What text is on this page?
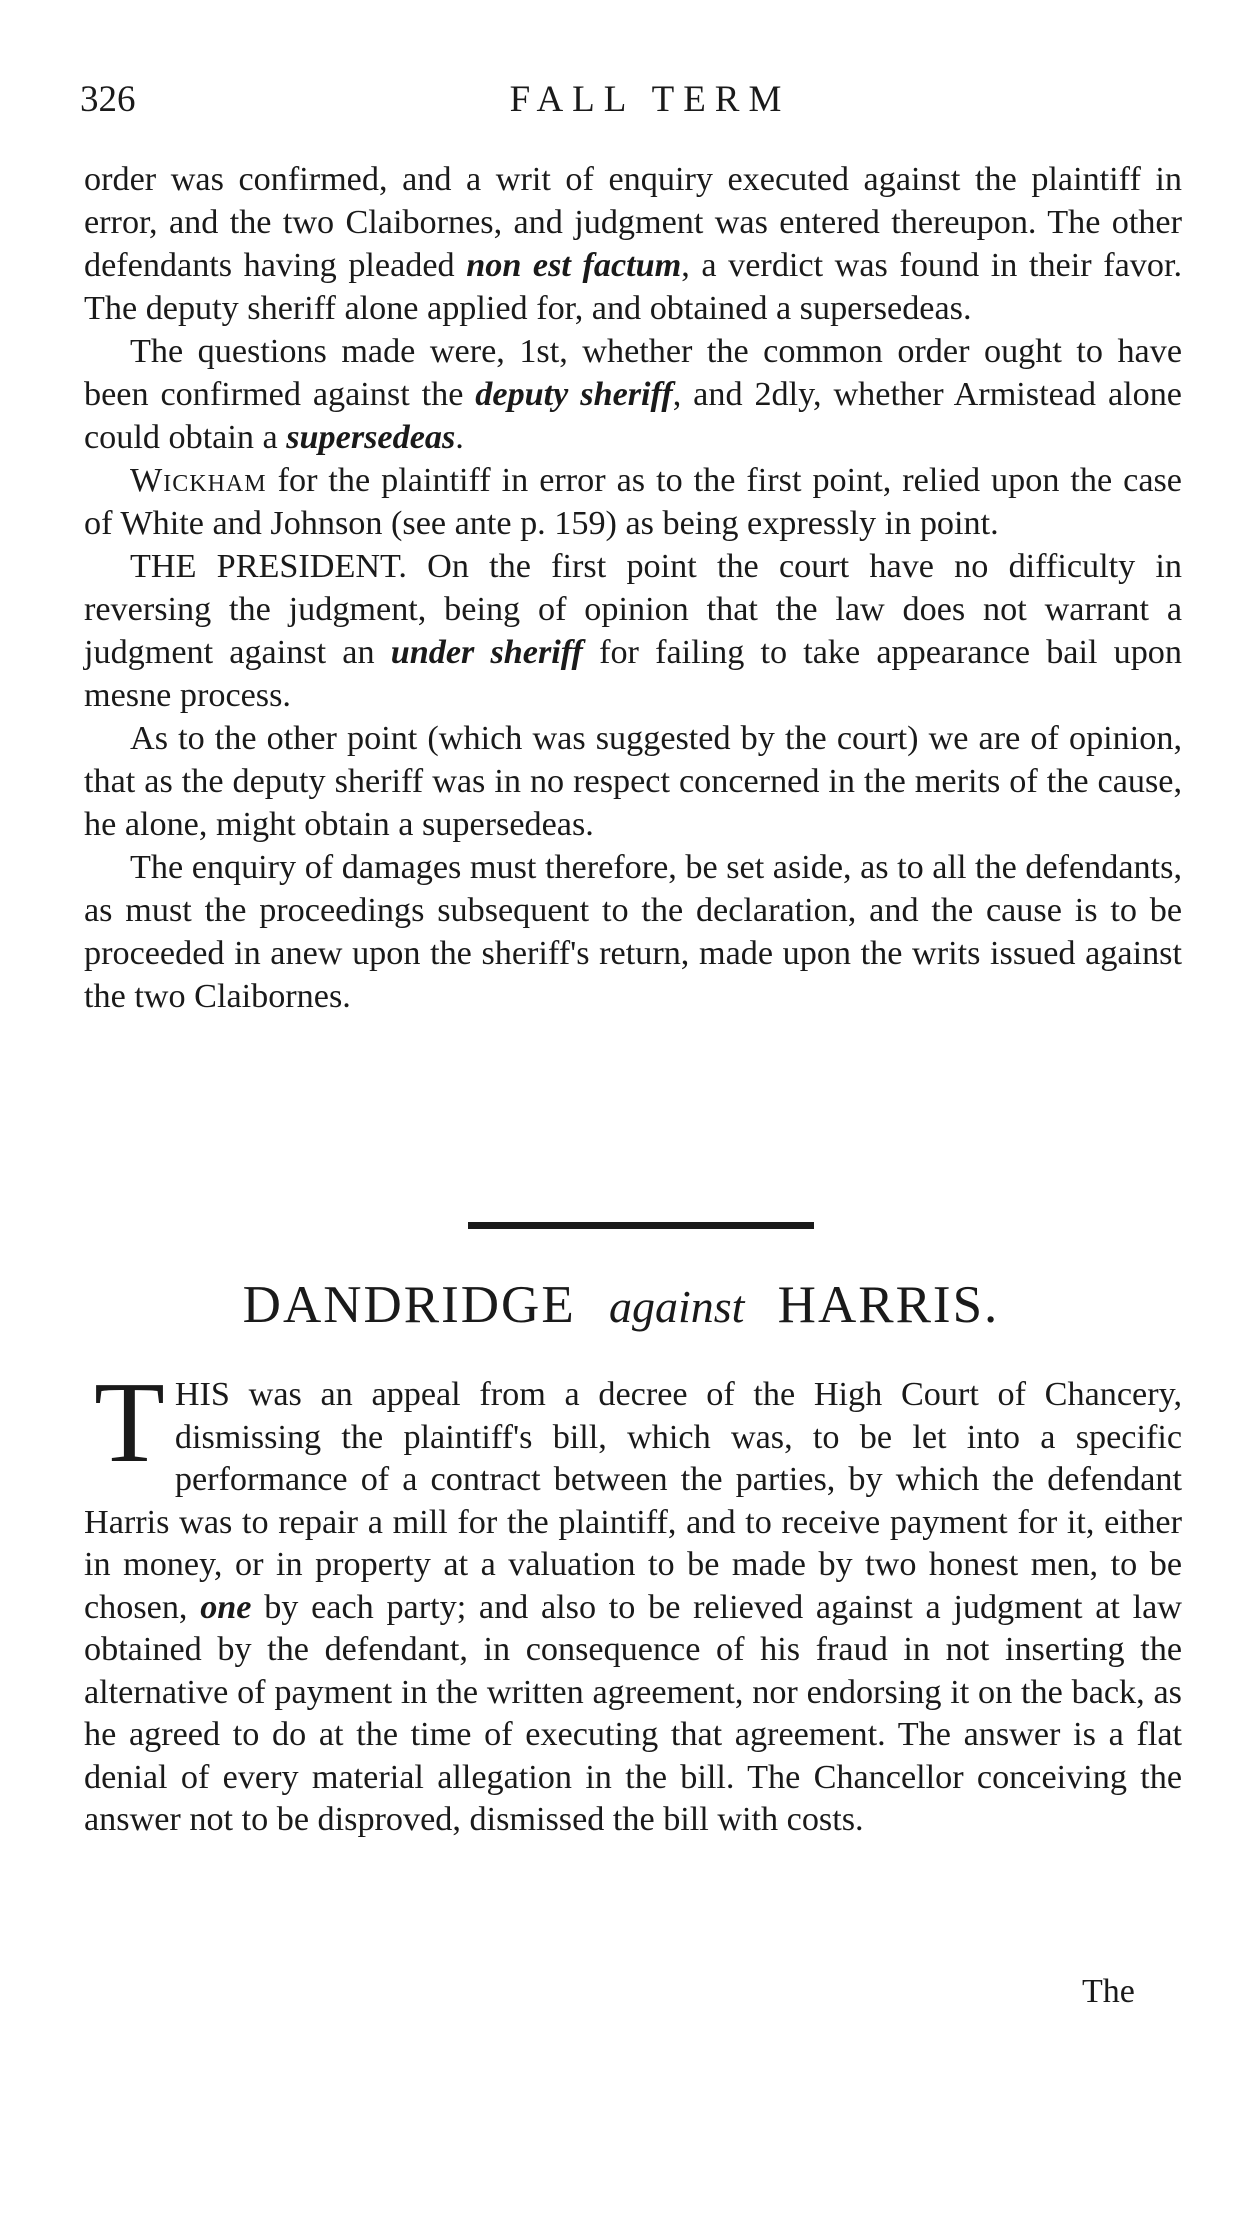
326	FALL TERM

order was confirmed, and a writ of enquiry executed against the plaintiff in error, and the two Claibornes, and judgment was entered thereupon. The other defendants having pleaded non est factum, a verdict was found in their favor. The deputy sheriff alone applied for, and obtained a supersedeas.

The questions made were, 1st, whether the common order ought to have been confirmed against the deputy sheriff, and 2dly, whether Armistead alone could obtain a supersedeas.

Wickham for the plaintiff in error as to the first point, relied upon the case of White and Johnson (see ante p. 159) as being expressly in point.

THE PRESIDENT. On the first point the court have no difficulty in reversing the judgment, being of opinion that the law does not warrant a judgment against an under sheriff for failing to take appearance bail upon mesne process.

As to the other point (which was suggested by the court) we are of opinion, that as the deputy sheriff was in no respect concerned in the merits of the cause, he alone, might obtain a supersedeas.

The enquiry of damages must therefore, be set aside, as to all the defendants, as must the proceedings subsequent to the declaration, and the cause is to be proceeded in anew upon the sheriff's return, made upon the writs issued against the two Claibornes.

DANDRIDGE against HARRIS.

THIS was an appeal from a decree of the High Court of Chancery, dismissing the plaintiff's bill, which was, to be let into a specific performance of a contract between the parties, by which the defendant Harris was to repair a mill for the plaintiff, and to receive payment for it, either in money, or in property at a valuation to be made by two honest men, to be chosen, one by each party; and also to be relieved against a judgment at law obtained by the defendant, in consequence of his fraud in not inserting the alternative of payment in the written agreement, nor endorsing it on the back, as he agreed to do at the time of executing that agreement. The answer is a flat denial of every material allegation in the bill. The Chancellor conceiving the answer not to be disproved, dismissed the bill with costs.

The
